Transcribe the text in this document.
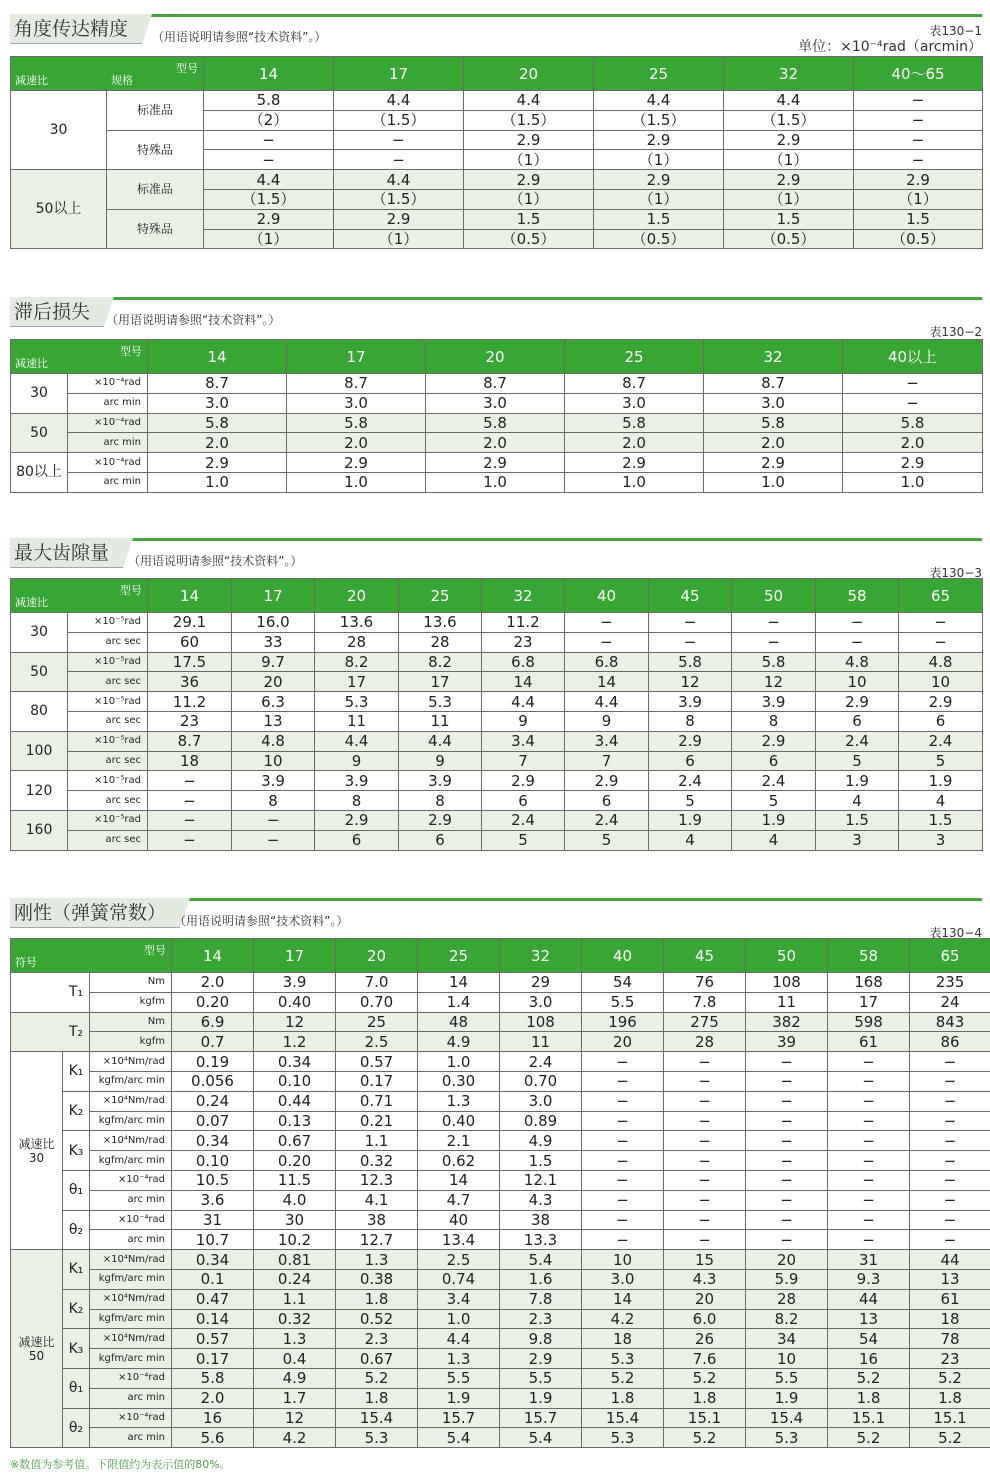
角度传达精度	（用语说明请参照“技术资料”。）	表130−1
单位：×10⁻⁴rad（arcmin）
型号
减速比 规格		14	17	20	25	32	40～65
30	标准品	5.8	4.4	4.4	4.4	4.4	−
		（2）	（1.5）	（1.5）	（1.5）	（1.5）	−
	特殊品	−	−	2.9	2.9	2.9	−
		−	−	（1）	（1）	（1）	−
50以上	标准品	4.4	4.4	2.9	2.9	2.9	2.9
		（1.5）	（1.5）	（1）	（1）	（1）	（1）
	特殊品	2.9	2.9	1.5	1.5	1.5	1.5
		（1）	（1）	（0.5）	（0.5）	（0.5）	（0.5）
滞后损失	（用语说明请参照“技术资料”。）
表130−2
型号
减速比		14	17	20	25	32	40以上
30	×10⁻⁴rad	8.7	8.7	8.7	8.7	8.7	−
	arc min	3.0	3.0	3.0	3.0	3.0	−
50	×10⁻⁴rad	5.8	5.8	5.8	5.8	5.8	5.8
	arc min	2.0	2.0	2.0	2.0	2.0	2.0
80以上	×10⁻⁴rad	2.9	2.9	2.9	2.9	2.9	2.9
	arc min	1.0	1.0	1.0	1.0	1.0	1.0
最大齿隙量	（用语说明请参照“技术资料”。）
表130−3
型号
减速比		14	17	20	25	32	40	45	50	58	65
30	×10⁻⁵rad	29.1	16.0	13.6	13.6	11.2	−	−	−	−	−
	arc sec	60	33	28	28	23	−	−	−	−	−
50	×10⁻⁵rad	17.5	9.7	8.2	8.2	6.8	6.8	5.8	5.8	4.8	4.8
	arc sec	36	20	17	17	14	14	12	12	10	10
80	×10⁻⁵rad	11.2	6.3	5.3	5.3	4.4	4.4	3.9	3.9	2.9	2.9
	arc sec	23	13	11	11	9	9	8	8	6	6
100	×10⁻⁵rad	8.7	4.8	4.4	4.4	3.4	3.4	2.9	2.9	2.4	2.4
	arc sec	18	10	9	9	7	7	6	6	5	5
120	×10⁻⁵rad	−	3.9	3.9	3.9	2.9	2.9	2.4	2.4	1.9	1.9
	arc sec	−	8	8	8	6	6	5	5	4	4
160	×10⁻⁵rad	−	−	2.9	2.9	2.4	2.4	1.9	1.9	1.5	1.5
	arc sec	−	−	6	6	5	5	4	4	3	3
刚性（弹簧常数） （用语说明请参照“技术资料”。）
表130−4
型号
符号			14	17	20	25	32	40	45	50	58	65
T₁		Nm	2.0	3.9	7.0	14	29	54	76	108	168	235
		kgfm	0.20	0.40	0.70	1.4	3.0	5.5	7.8	11	17	24
T₂		Nm	6.9	12	25	48	108	196	275	382	598	843
		kgfm	0.7	1.2	2.5	4.9	11	20	28	39	61	86

减速比
30	K₁	×10⁴Nm/rad	0.19	0.34	0.57	1.0	2.4	−	−	−	−	−
		kgfm/arc min	0.056	0.10	0.17	0.30	0.70	−	−	−	−	−
	K₂	×10⁴Nm/rad	0.24	0.44	0.71	1.3	3.0	−	−	−	−	−
		kgfm/arc min	0.07	0.13	0.21	0.40	0.89	−	−	−	−	−
	K₃	×10⁴Nm/rad	0.34	0.67	1.1	2.1	4.9	−	−	−	−	−
		kgfm/arc min	0.10	0.20	0.32	0.62	1.5	−	−	−	−	−
	θ₁	×10⁻⁴rad	10.5	11.5	12.3	14	12.1	−	−	−	−	−
		arc min	3.6	4.0	4.1	4.7	4.3	−	−	−	−	−
	θ₂	×10⁻⁴rad	31	30	38	40	38	−	−	−	−	−
		arc min	10.7	10.2	12.7	13.4	13.3	−	−	−	−	−

减速比
50	K₁	×10⁴Nm/rad	0.34	0.81	1.3	2.5	5.4	10	15	20	31	44
		kgfm/arc min	0.1	0.24	0.38	0.74	1.6	3.0	4.3	5.9	9.3	13
	K₂	×10⁴Nm/rad	0.47	1.1	1.8	3.4	7.8	14	20	28	44	61
		kgfm/arc min	0.14	0.32	0.52	1.0	2.3	4.2	6.0	8.2	13	18
	K₃	×10⁴Nm/rad	0.57	1.3	2.3	4.4	9.8	18	26	34	54	78
		kgfm/arc min	0.17	0.4	0.67	1.3	2.9	5.3	7.6	10	16	23
	θ₁	×10⁻⁴rad	5.8	4.9	5.2	5.5	5.5	5.2	5.2	5.5	5.2	5.2
		arc min	2.0	1.7	1.8	1.9	1.9	1.8	1.8	1.9	1.8	1.8
	θ₂	×10⁻⁴rad	16	12	15.4	15.7	15.7	15.4	15.1	15.4	15.1	15.1
		arc min	5.6	4.2	5.3	5.4	5.4	5.3	5.2	5.3	5.2	5.2
※数值为参考值。下限值约为表示值的80%。
